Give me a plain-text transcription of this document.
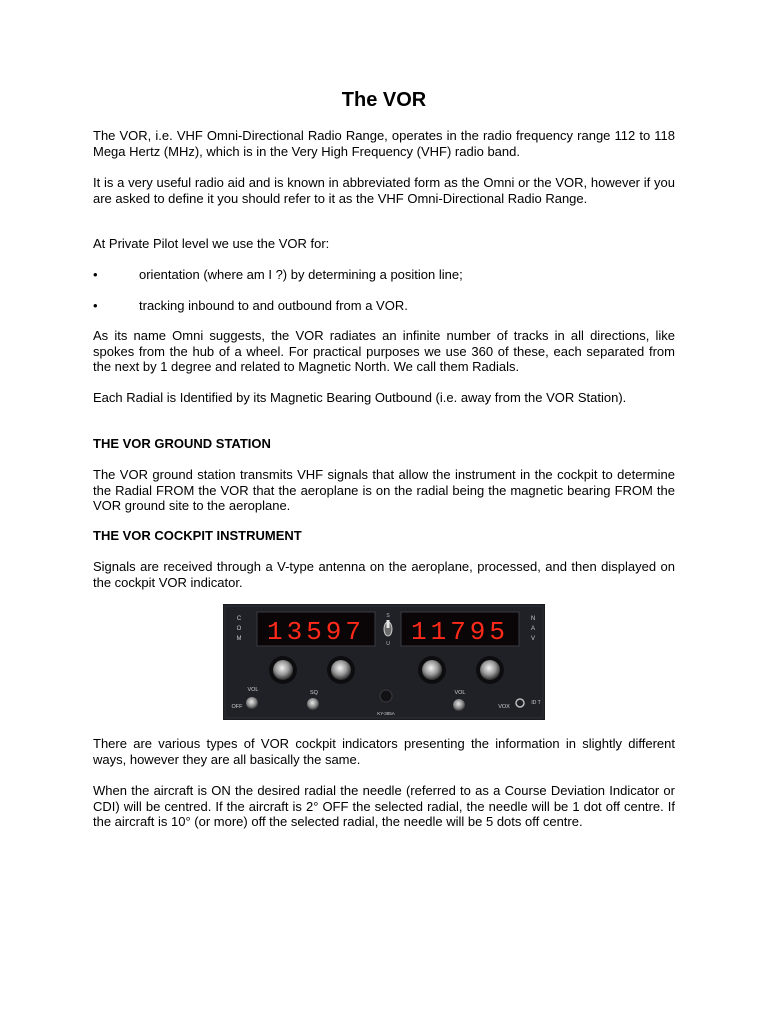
The VOR

The VOR, i.e. VHF Omni-Directional Radio Range, operates in the radio frequency range 112 to 118 Mega Hertz (MHz), which is in the Very High Frequency (VHF) radio band.

It is a very useful radio aid and is known in abbreviated form as the Omni or the VOR, however if you are asked to define it you should refer to it as the VHF Omni-Directional Radio Range.

At Private Pilot level we use the VOR for:

•	orientation (where am I ?) by determining a position line;
•	tracking inbound to and outbound from a VOR.

As its name Omni suggests, the VOR radiates an infinite number of tracks in all directions, like spokes from the hub of a wheel. For practical purposes we use 360 of these, each separated from the next by 1 degree and related to Magnetic North. We call them Radials.

Each Radial is Identified by its Magnetic Bearing Outbound (i.e. away from the VOR Station).

THE VOR GROUND STATION

The VOR ground station transmits VHF signals that allow the instrument in the cockpit to determine the Radial FROM the VOR that the aeroplane is on the radial being the magnetic bearing FROM the VOR ground site to the aeroplane.

THE VOR COCKPIT INSTRUMENT

Signals are received through a V-type antenna on the aeroplane, processed, and then displayed on the cockpit VOR indicator.

C
O
M
N
A
V
13597 11795
S
U
VOL
OFF
SQ
KY-385A
VOL
VOX
ID T

There are various types of VOR cockpit indicators presenting the information in slightly different ways, however they are all basically the same.

When the aircraft is ON the desired radial the needle (referred to as a Course Deviation Indicator or CDI) will be centred. If the aircraft is 2° OFF the selected radial, the needle will be 1 dot off centre. If the aircraft is 10° (or more) off the selected radial, the needle will be 5 dots off centre.
